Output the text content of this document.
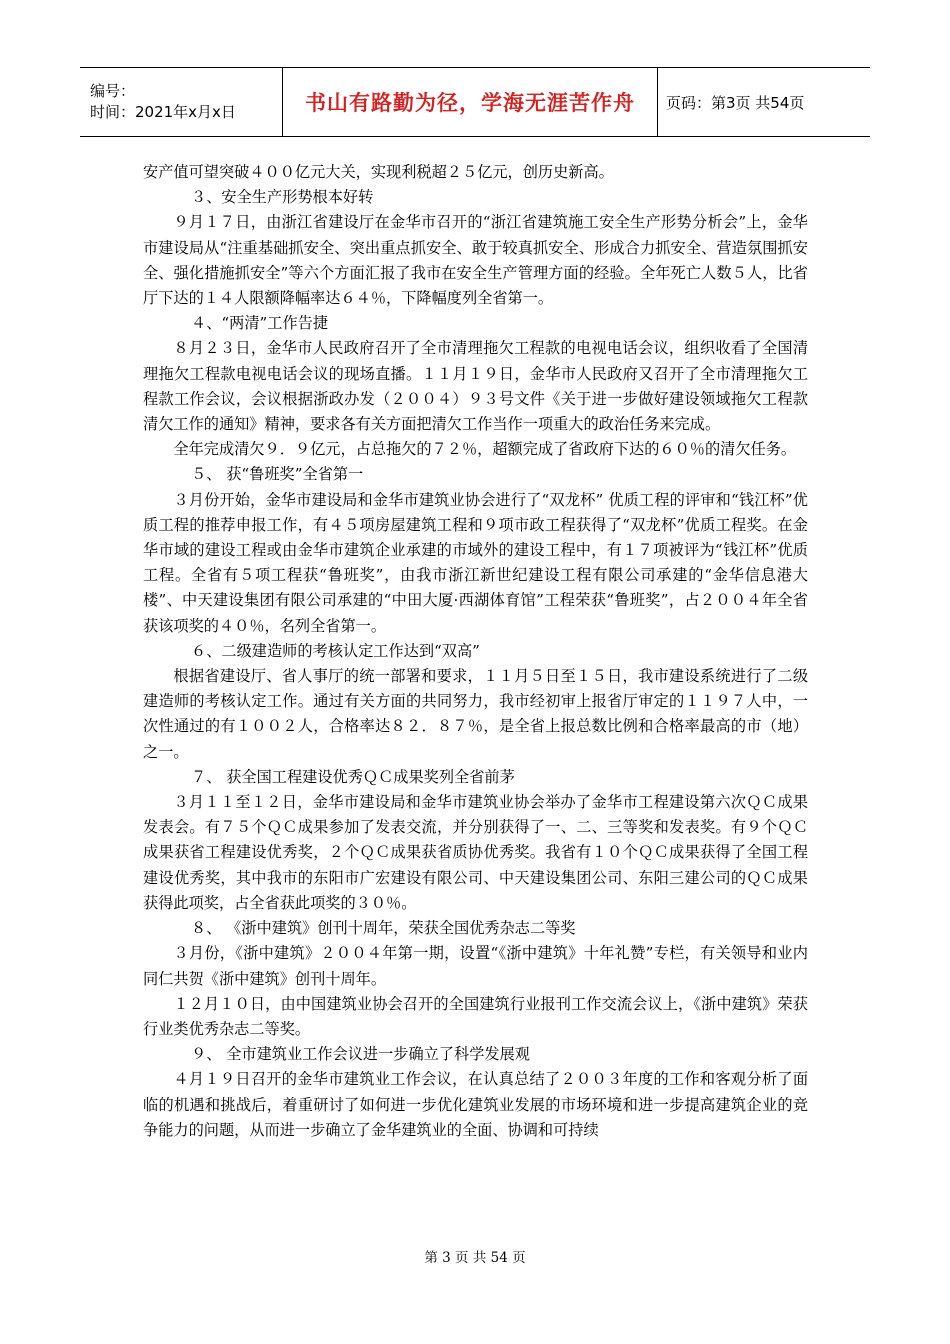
编号：
时间：2021年x月x日	书山有路勤为径，学海无涯苦作舟 页码：第3页 共54页

安产值可望突破４００亿元大关，实现利税超２５亿元，创历史新高。

３、安全生产形势根本好转

９月１７日，由浙江省建设厅在金华市召开的“浙江省建筑施工安全生产形势分析会”上，金华市建设局从“注重基础抓安全、突出重点抓安全、敢于较真抓安全、形成合力抓安全、营造氛围抓安全、强化措施抓安全”等六个方面汇报了我市在安全生产管理方面的经验。全年死亡人数５人，比省厅下达的１４人限额降幅率达６４％，下降幅度列全省第一。

４、“两清”工作告捷

８月２３日，金华市人民政府召开了全市清理拖欠工程款的电视电话会议，组织收看了全国清理拖欠工程款电视电话会议的现场直播。１１月１９日，金华市人民政府又召开了全市清理拖欠工程款工作会议，会议根据浙政办发（２００４）９３号文件《关于进一步做好建设领域拖欠工程款清欠工作的通知》精神，要求各有关方面把清欠工作当作一项重大的政治任务来完成。

全年完成清欠９．９亿元，占总拖欠的７２％，超额完成了省政府下达的６０％的清欠任务。

５、 获“鲁班奖”全省第一

３月份开始，金华市建设局和金华市建筑业协会进行了“双龙杯” 优质工程的评审和“钱江杯”优质工程的推荐申报工作，有４５项房屋建筑工程和９项市政工程获得了“双龙杯”优质工程奖。在金华市域的建设工程或由金华市建筑企业承建的市域外的建设工程中，有１７项被评为“钱江杯”优质工程。全省有５项工程获“鲁班奖”，由我市浙江新世纪建设工程有限公司承建的“金华信息港大楼”、中天建设集团有限公司承建的“中田大厦·西湖体育馆”工程荣获“鲁班奖”，占２００４年全省获该项奖的４０％，名列全省第一。

６、二级建造师的考核认定工作达到“双高”

根据省建设厅、省人事厅的统一部署和要求，１１月５日至１５日，我市建设系统进行了二级建造师的考核认定工作。通过有关方面的共同努力，我市经初审上报省厅审定的１１９７人中，一次性通过的有１００２人，合格率达８２．８７％，是全省上报总数比例和合格率最高的市（地）之一。

７、 获全国工程建设优秀ＱＣ成果奖列全省前茅

３月１１至１２日，金华市建设局和金华市建筑业协会举办了金华市工程建设第六次ＱＣ成果发表会。有７５个ＱＣ成果参加了发表交流，并分别获得了一、二、三等奖和发表奖。有９个ＱＣ成果获省工程建设优秀奖，２个ＱＣ成果获省质协优秀奖。我省有１０个ＱＣ成果获得了全国工程建设优秀奖，其中我市的东阳市广宏建设有限公司、中天建设集团公司、东阳三建公司的ＱＣ成果获得此项奖，占全省获此项奖的３０％。

８、 《浙中建筑》创刊十周年，荣获全国优秀杂志二等奖

３月份，《浙中建筑》２００４年第一期，设置“《浙中建筑》十年礼赞”专栏，有关领导和业内同仁共贺《浙中建筑》创刊十周年。

１２月１０日，由中国建筑业协会召开的全国建筑行业报刊工作交流会议上，《浙中建筑》荣获行业类优秀杂志二等奖。

９、 全市建筑业工作会议进一步确立了科学发展观

４月１９日召开的金华市建筑业工作会议，在认真总结了２００３年度的工作和客观分析了面临的机遇和挑战后，着重研讨了如何进一步优化建筑业发展的市场环境和进一步提高建筑企业的竞争能力的问题，从而进一步确立了金华建筑业的全面、协调和可持续

第 3 页 共 54 页
